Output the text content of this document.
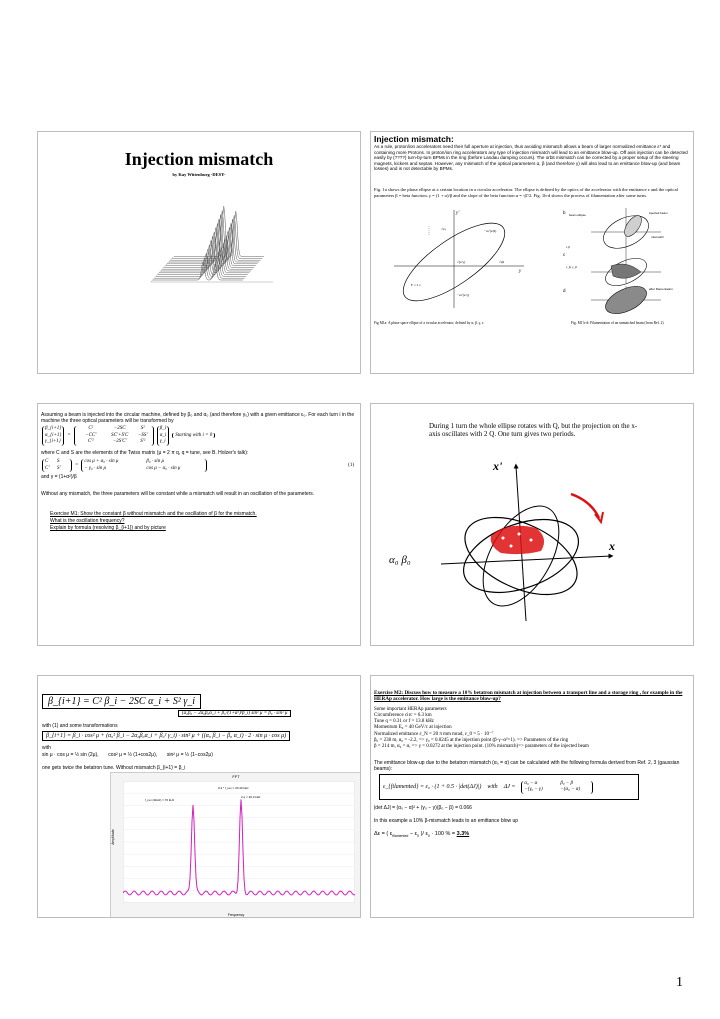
Injection mismatch
by Kay Wittenburg -DESY-
Injection mismatch:
As a rule, proton/ion accelerators need their full aperture at injection, thus avoiding mismatch allows a beam of larger normalized emittance ε* and containing more Protons. In proton/ion ring accelerators any type of injection mismatch will lead to an emittance blow-up. Off axis injection can be detected easily by (????) turn-by-turn BPMs in the ring (before Landau damping occurs). The orbit mismatch can be corrected by a proper setup of the steering magnets, kickers and septas. However, any mismatch of the optical parameters α, β (and therefore γ) will also lead to an emittance blow-up (and beam losses) and is not detectable by BPMs.
Fig. 1a shows the phase ellipse at a certain location in a circular accelerator. The ellipse is defined by the optics of the accelerator with the emittance ε and the optical parameters β = beta function, γ = (1 + α)/β and the slope of the beta function α = -β'/2. Fig. 1b-d shows the process of filamentation after some turns.
y'
y
√εγ	−α√(ε/β)
√εβ
√(ε/γ)
F = π ε
−α√(ε/γ)
b beam ellipse	injected beam
mismatch
c
ε β
ε_β, γ_β
d	after filamentation
Fig M1a: A phase space ellipse of a circular accelerator, defined by α, β, γ, ε	Fig. M1 b-d: Filamentation of an unmatched beam (from Ref. 2)
Assuming a beam is injected into the circular machine, defined by β₀ and α₀ (and therefore γ₀) with a given emittance ε₀. For each turn i in the machine the three optical parameters will be transformed by
β_{i+1}
α_{i+1}
γ_{i+1}
=
C²	−2SC	S²
−CC'	SC'+S'C	−SS'
C'²	−2S'C'	S'²
β_i
α_i
γ_i
Starting with i = 0
where C and S are the elements of the Twiss matrix (μ = 2 π q, q = tune, see B. Holzer's talk):
C	S
C'	S'	=
cos μ + α₀ · sin μ	β₀ · sin μ
− γ₀ · sin μ	cos μ − α₀ · sin μ	(1)
and γ = (1+α²)/β
Without any mismatch, the three parameters will be constant while a mismatch will result in an oscillation of the parameters.
Exercise M1: Show the constant β without mismatch and the oscillation of β for the mismatch.
What is the oscillation frequency?
Explain by formula (resolving β_{i+1}) and by picture
During 1 turn the whole ellipse rotates with Q, but the projection on the x-axis oscillates with 2 Q. One turn gives two periods.
x
x'
α₀ β₀
β_{i+1} = C² β_i − 2SC α_i + S² γ_i
(α₀β₀ − 2α₀β₀α_i + β₀²(1+α²)/β_i) sin² μ = β₀ · sin² μ
with (1) and some transformations
β_{i+1} = β_i · cos² μ + (α₀² β_i − 2α₀β₀α_i + β₀² γ_i) · sin² μ + ((α₀ β_i − β₀ α_i) · 2 · sin μ · cos μ)
with
sin μ · cos μ = ½ sin (2μ),       cos² μ = ½ (1+cos2μ),       sin² μ = ½ (1−cos2μ)
one gets twice the betatron tune. Without mismatch β_{i+1} = β_i
FFT
0.3 * f_rev = 20.43 kHz
f_rev (2kHz) = 70 kHz
2 q = 20.3 kHz
Amplitude
Frequency
Exercise M2: Discuss how to measure a 10% betatron mismatch at injection between a transport line and a storage ring , for example in the HERAp accelerator. How large is the emittance blow-up?
Some important HERAp parameters
Circumference circ = 6.3 km
Tune q = 0.31 or f = 13.8 kHz
Momentum E₀ = 40 GeV/c at injection
Normalized emittance ε_N = 20 π mm mrad, ε_0 = 5 · 10⁻⁷
β₀ = 238 m, α₀ = -2.2, => γ₀ = 0.0245 at the injection point (β·γ−α²=1). => Parameters of the ring
β = 214 m, α₀ = α, => γ = 0.0272 at the injection point. (10% mismatch)=> parameters of the injected beam
The emittance blow-up due to the betatron mismatch (α₀ = α) can be calculated with the following formula derived from Ref. 2, 3 (gaussian beams):
ε_{filamented} = ε₀ · (1 + 0.5 · |det(ΔJ)|) with ΔJ =
α₀ − α	β₀ − β
−(γ₀ − γ)	−(α₀ − α)
|det ΔJ| = (α₀ − α)² + (γ₀ − γ)(β₀ − β) = 0.066
In this example a 10% β-mismatch leads to an emittance blow up
Δε = ( $\varepsilon_{filamented} - \varepsilon_0$ )/ $\varepsilon_0 \cdot 100$ % = 3.3%
1
